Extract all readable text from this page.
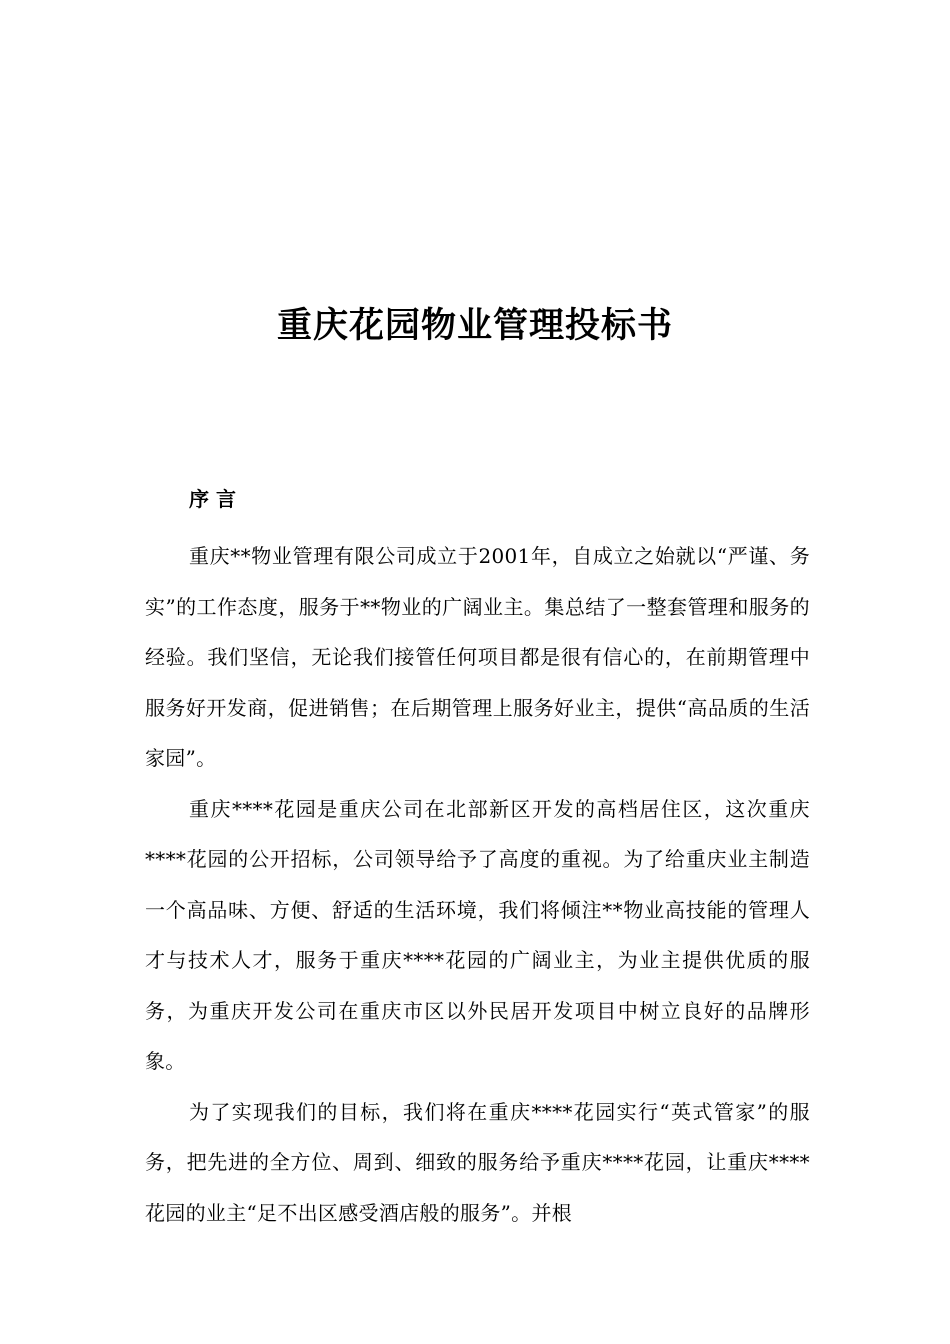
重庆花园物业管理投标书
序 言

重庆**物业管理有限公司成立于2001年，自成立之始就以“严谨、务实”的工作态度，服务于**物业的广阔业主。集总结了一整套管理和服务的经验。我们坚信，无论我们接管任何项目都是很有信心的，在前期管理中服务好开发商，促进销售；在后期管理上服务好业主，提供“高品质的生活家园”。

重庆****花园是重庆公司在北部新区开发的高档居住区，这次重庆****花园的公开招标，公司领导给予了高度的重视。为了给重庆业主制造一个高品味、方便、舒适的生活环境，我们将倾注**物业高技能的管理人才与技术人才，服务于重庆****花园的广阔业主，为业主提供优质的服务，为重庆开发公司在重庆市区以外民居开发项目中树立良好的品牌形象。

为了实现我们的目标，我们将在重庆****花园实行“英式管家”的服务，把先进的全方位、周到、细致的服务给予重庆****花园，让重庆****花园的业主“足不出区感受酒店般的服务”。并根
